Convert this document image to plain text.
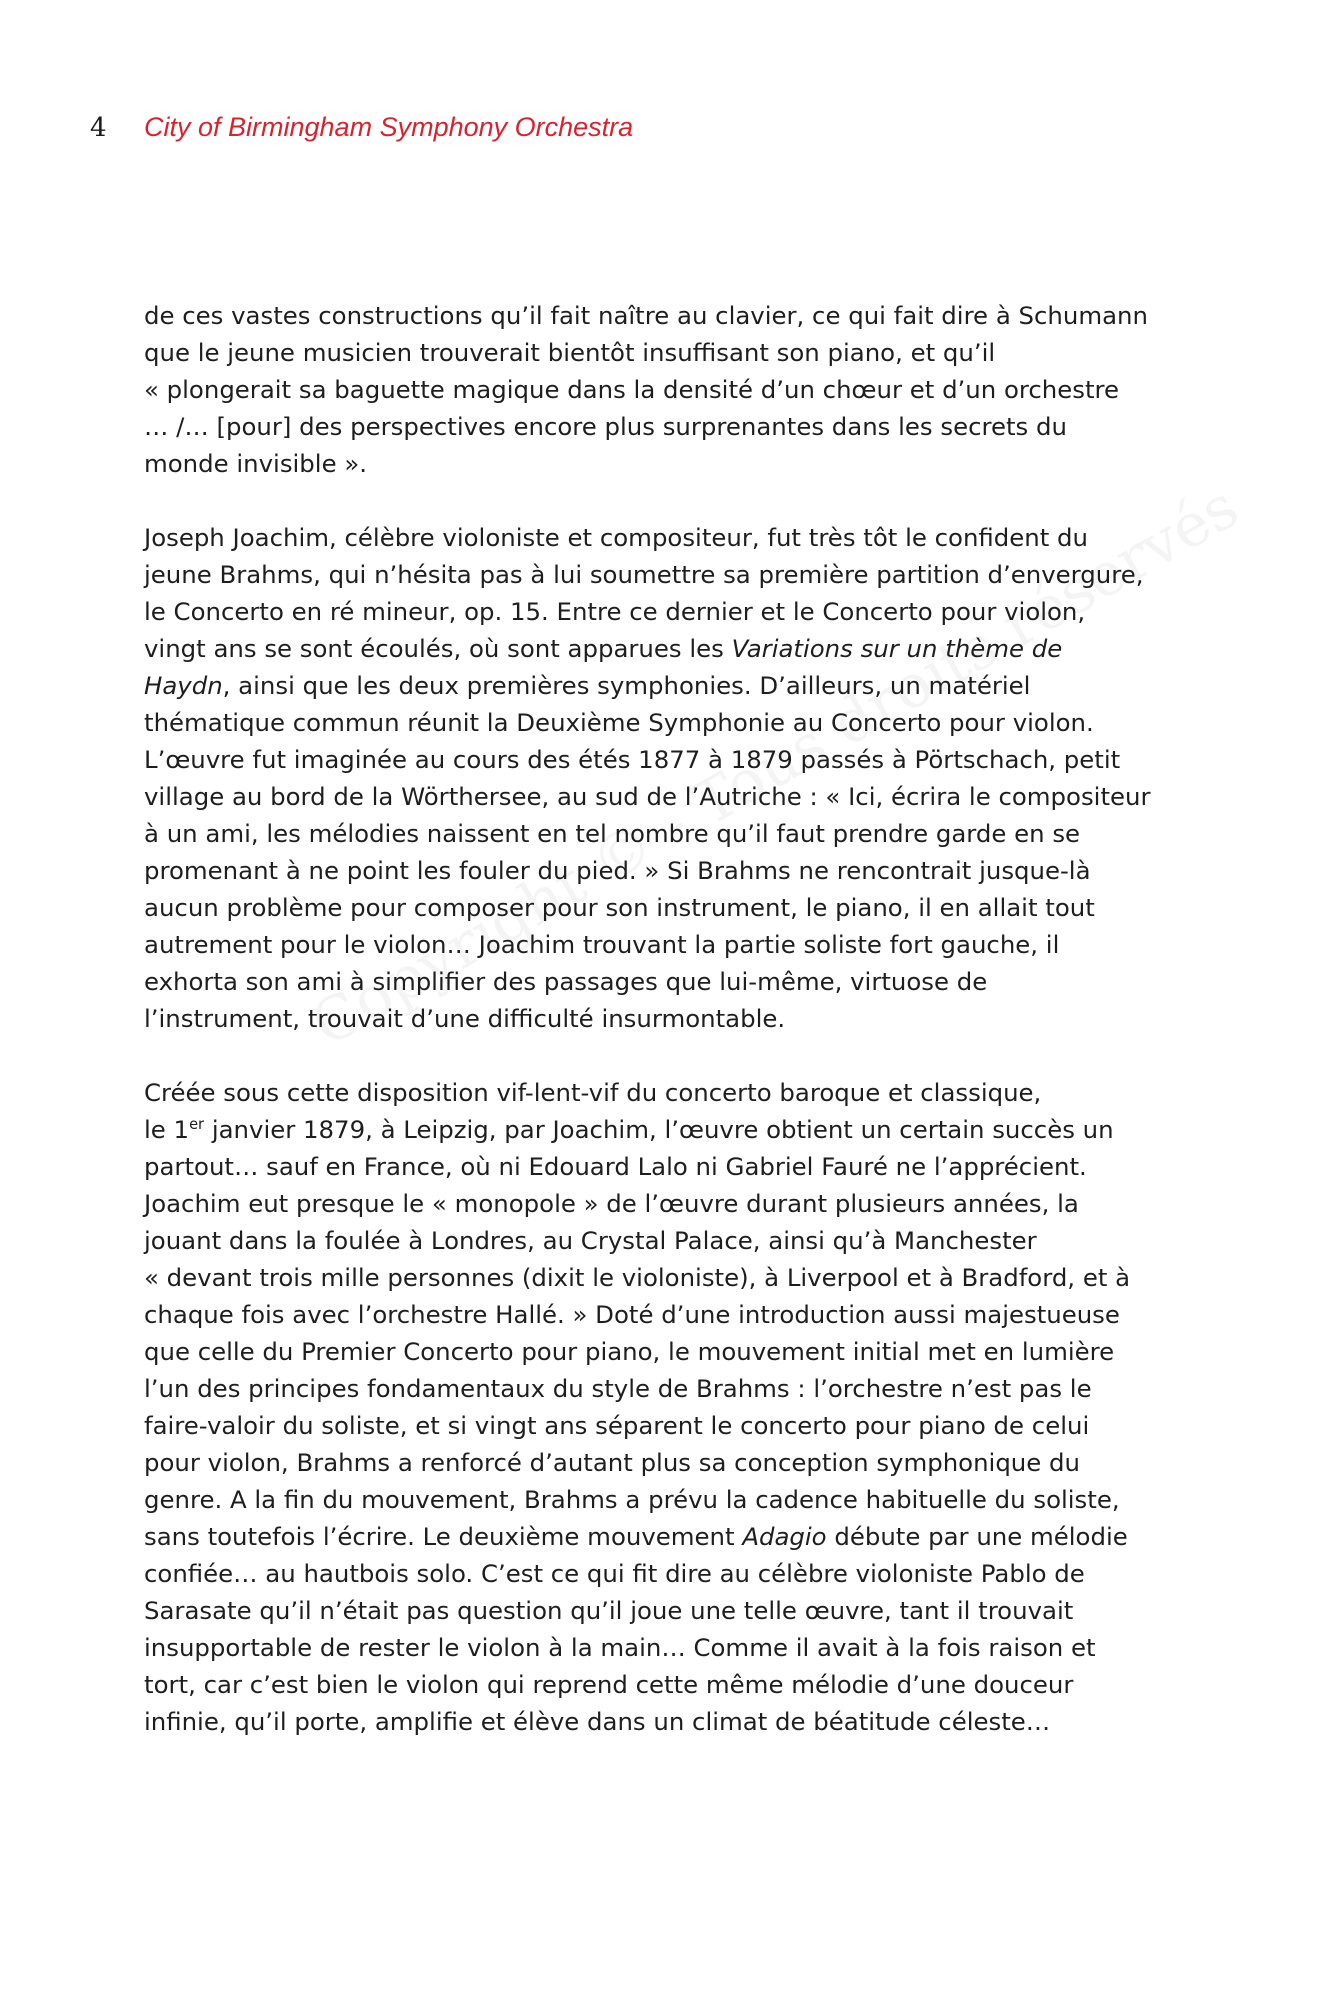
4	City of Birmingham Symphony Orchestra
de ces vastes constructions qu’il fait naître au clavier, ce qui fait dire à Schumann
que le jeune musicien trouverait bientôt insuffisant son piano, et qu’il
« plongerait sa baguette magique dans la densité d’un chœur et d’un orchestre
… /… [pour] des perspectives encore plus surprenantes dans les secrets du
monde invisible ».
Joseph Joachim, célèbre violoniste et compositeur, fut très tôt le confident du
jeune Brahms, qui n’hésita pas à lui soumettre sa première partition d’envergure,
le Concerto en ré mineur, op. 15. Entre ce dernier et le Concerto pour violon,
vingt ans se sont écoulés, où sont apparues les Variations sur un thème de
Haydn, ainsi que les deux premières symphonies. D’ailleurs, un matériel
thématique commun réunit la Deuxième Symphonie au Concerto pour violon.
L’œuvre fut imaginée au cours des étés 1877 à 1879 passés à Pörtschach, petit
village au bord de la Wörthersee, au sud de l’Autriche : « Ici, écrira le compositeur
à un ami, les mélodies naissent en tel nombre qu’il faut prendre garde en se
promenant à ne point les fouler du pied. » Si Brahms ne rencontrait jusque-là
aucun problème pour composer pour son instrument, le piano, il en allait tout
autrement pour le violon… Joachim trouvant la partie soliste fort gauche, il
exhorta son ami à simplifier des passages que lui-même, virtuose de
l’instrument, trouvait d’une difficulté insurmontable.
Créée sous cette disposition vif-lent-vif du concerto baroque et classique,
le 1er janvier 1879, à Leipzig, par Joachim, l’œuvre obtient un certain succès un
partout… sauf en France, où ni Edouard Lalo ni Gabriel Fauré ne l’apprécient.
Joachim eut presque le « monopole » de l’œuvre durant plusieurs années, la
jouant dans la foulée à Londres, au Crystal Palace, ainsi qu’à Manchester
« devant trois mille personnes (dixit le violoniste), à Liverpool et à Bradford, et à
chaque fois avec l’orchestre Hallé. » Doté d’une introduction aussi majestueuse
que celle du Premier Concerto pour piano, le mouvement initial met en lumière
l’un des principes fondamentaux du style de Brahms : l’orchestre n’est pas le
faire-valoir du soliste, et si vingt ans séparent le concerto pour piano de celui
pour violon, Brahms a renforcé d’autant plus sa conception symphonique du
genre. A la fin du mouvement, Brahms a prévu la cadence habituelle du soliste,
sans toutefois l’écrire. Le deuxième mouvement Adagio débute par une mélodie
confiée… au hautbois solo. C’est ce qui fit dire au célèbre violoniste Pablo de
Sarasate qu’il n’était pas question qu’il joue une telle œuvre, tant il trouvait
insupportable de rester le violon à la main… Comme il avait à la fois raison et
tort, car c’est bien le violon qui reprend cette même mélodie d’une douceur
infinie, qu’il porte, amplifie et élève dans un climat de béatitude céleste…
